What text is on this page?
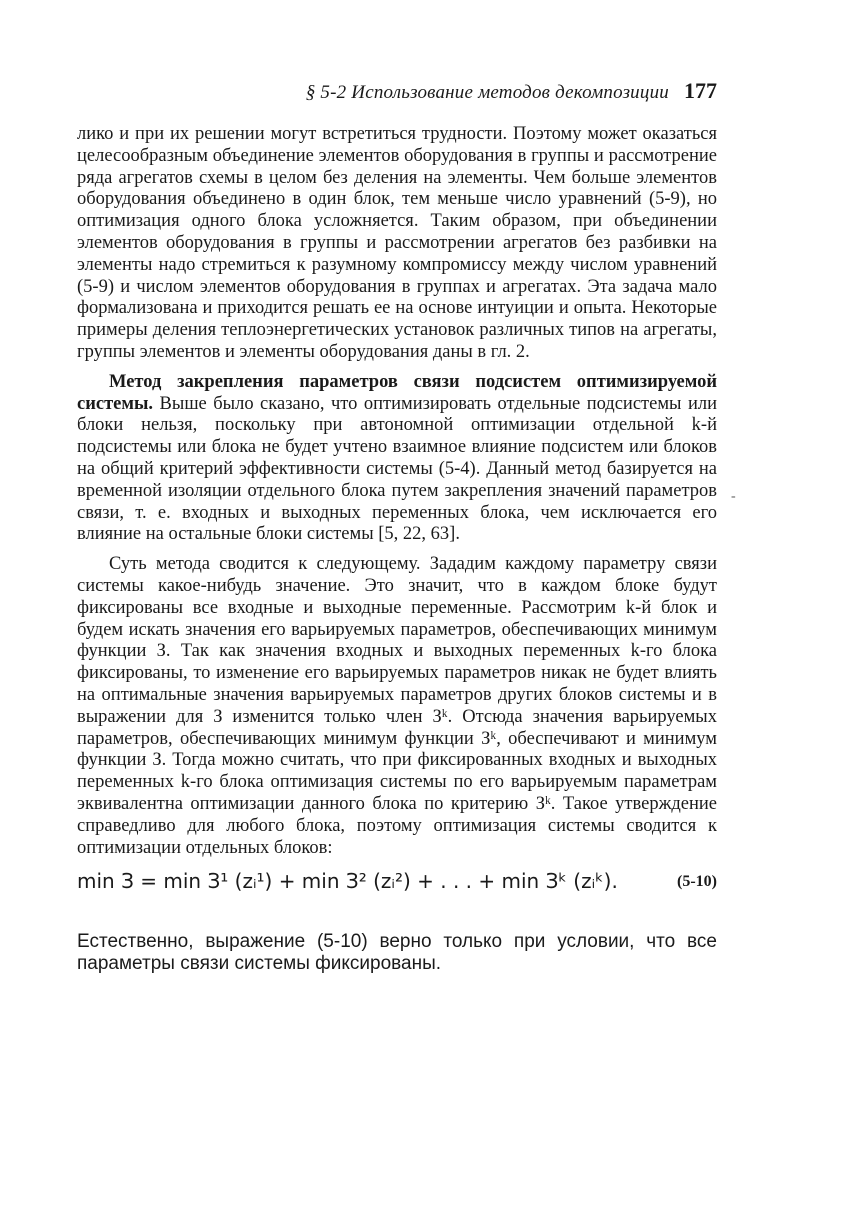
§ 5-2 Использование методов декомпозиции 177

лико и при их решении могут встретиться трудности. Поэтому может оказаться целесообразным объединение элементов оборудования в группы и рассмотрение ряда агрегатов схемы в целом без деления на элементы. Чем больше элементов оборудования объединено в один блок, тем меньше число уравнений (5-9), но оптимизация одного блока усложняется. Таким образом, при объединении элементов оборудования в группы и рассмотрении агрегатов без разбивки на элементы надо стремиться к разумному компромиссу между числом уравнений (5-9) и числом элементов оборудования в группах и агрегатах. Эта задача мало формализована и приходится решать ее на основе интуиции и опыта. Некоторые примеры деления теплоэнергетических установок различных типов на агрегаты, группы элементов и элементы оборудования даны в гл. 2.

Метод закрепления параметров связи подсистем оптимизируемой системы. Выше было сказано, что оптимизировать отдельные подсистемы или блоки нельзя, поскольку при автономной оптимизации отдельной k-й подсистемы или блока не будет учтено взаимное влияние подсистем или блоков на общий критерий эффективности системы (5-4). Данный метод базируется на временной изоляции отдельного блока путем закрепления значений параметров связи, т. е. входных и выходных переменных блока, чем исключается его влияние на остальные блоки системы [5, 22, 63].

Суть метода сводится к следующему. Зададим каждому параметру связи системы какое-нибудь значение. Это значит, что в каждом блоке будут фиксированы все входные и выходные переменные. Рассмотрим k-й блок и будем искать значения его варьируемых параметров, обеспечивающих минимум функции З. Так как значения входных и выходных переменных k-го блока фиксированы, то изменение его варьируемых параметров никак не будет влиять на оптимальные значения варьируемых параметров других блоков системы и в выражении для З изменится только член Зᵏ. Отсюда значения варьируемых параметров, обеспечивающих минимум функции Зᵏ, обеспечивают и минимум функции З. Тогда можно считать, что при фиксированных входных и выходных переменных k-го блока оптимизация системы по его варьируемым параметрам эквивалентна оптимизации данного блока по критерию Зᵏ. Такое утверждение справедливо для любого блока, поэтому оптимизация системы сводится к оптимизации отдельных блоков:

min З = min З¹ (zᵢ¹) + min З² (zᵢ²) + . . . + min Зᵏ (zᵢᵏ).	(5-10)

Естественно, выражение (5-10) верно только при условии, что все параметры связи системы фиксированы.

-
